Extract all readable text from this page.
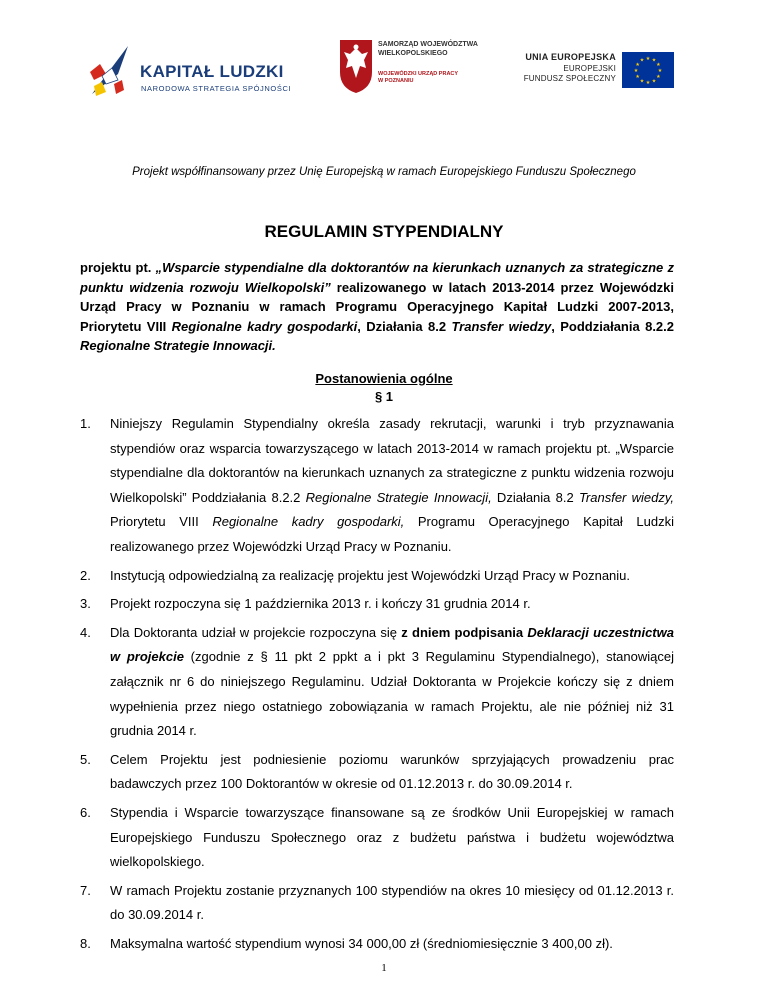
KAPITAŁ LUDZKI
NARODOWA STRATEGIA SPÓJNOŚCI
SAMORZĄD WOJEWÓDZTWA
WIELKOPOLSKIEGO
WOJEWÓDZKI URZĄD PRACY
W POZNANIU
UNIA EUROPEJSKA
EUROPEJSKI
FUNDUSZ SPOŁECZNY
★ ★
★
★
★
★
★
★
★
★
★
★
Projekt współfinansowany przez Unię Europejską w ramach Europejskiego Funduszu Społecznego
REGULAMIN STYPENDIALNY
projektu pt. „Wsparcie stypendialne dla doktorantów na kierunkach uznanych za strategiczne z punktu widzenia rozwoju Wielkopolski” realizowanego w latach 2013-2014 przez Wojewódzki Urząd Pracy w Poznaniu w ramach Programu Operacyjnego Kapitał Ludzki 2007-2013, Priorytetu VIII Regionalne kadry gospodarki, Działania 8.2 Transfer wiedzy, Poddziałania 8.2.2 Regionalne Strategie Innowacji.
Postanowienia ogólne
§ 1
1. Niniejszy Regulamin Stypendialny określa zasady rekrutacji, warunki i tryb przyznawania stypendiów oraz wsparcia towarzyszącego w latach 2013-2014 w ramach projektu pt. „Wsparcie stypendialne dla doktorantów na kierunkach uznanych za strategiczne z punktu widzenia rozwoju Wielkopolski” Poddziałania 8.2.2 Regionalne Strategie Innowacji, Działania 8.2 Transfer wiedzy, Priorytetu VIII Regionalne kadry gospodarki, Programu Operacyjnego Kapitał Ludzki realizowanego przez Wojewódzki Urząd Pracy w Poznaniu.
2. Instytucją odpowiedzialną za realizację projektu jest Wojewódzki Urząd Pracy w Poznaniu.
3. Projekt rozpoczyna się 1 października 2013 r. i kończy 31 grudnia 2014 r.
4. Dla Doktoranta udział w projekcie rozpoczyna się z dniem podpisania Deklaracji uczestnictwa w projekcie (zgodnie z § 11 pkt 2 ppkt a i pkt 3 Regulaminu Stypendialnego), stanowiącej załącznik nr 6 do niniejszego Regulaminu. Udział Doktoranta w Projekcie kończy się z dniem wypełnienia przez niego ostatniego zobowiązania w ramach Projektu, ale nie później niż 31 grudnia 2014 r.
5. Celem Projektu jest podniesienie poziomu warunków sprzyjających prowadzeniu prac badawczych przez 100 Doktorantów w okresie od 01.12.2013 r. do 30.09.2014 r.
6. Stypendia i Wsparcie towarzyszące finansowane są ze środków Unii Europejskiej w ramach Europejskiego Funduszu Społecznego oraz z budżetu państwa i budżetu województwa wielkopolskiego.
7. W ramach Projektu zostanie przyznanych 100 stypendiów na okres 10 miesięcy od 01.12.2013 r. do 30.09.2014 r.
8. Maksymalna wartość stypendium wynosi 34 000,00 zł (średniomiesięcznie 3 400,00 zł).
1
